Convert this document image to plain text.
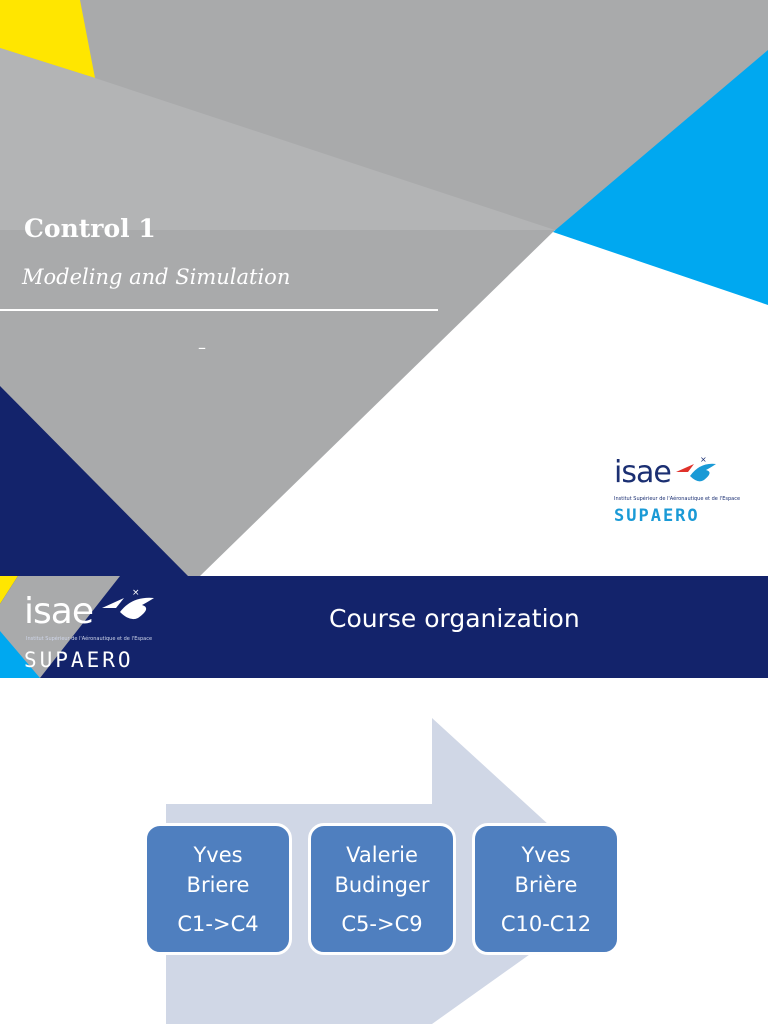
Control 1
Modeling and Simulation
–
isae	×
Institut Supérieur de l'Aéronautique et de l'Espace
SUPAERO
isae	×
Institut Supérieur de l'Aéronautique et de l'Espace
SUPAERO
Course organization
Yves
Briere
C1->C4
Valerie
Budinger
C5->C9
Yves
Brière
C10-C12
